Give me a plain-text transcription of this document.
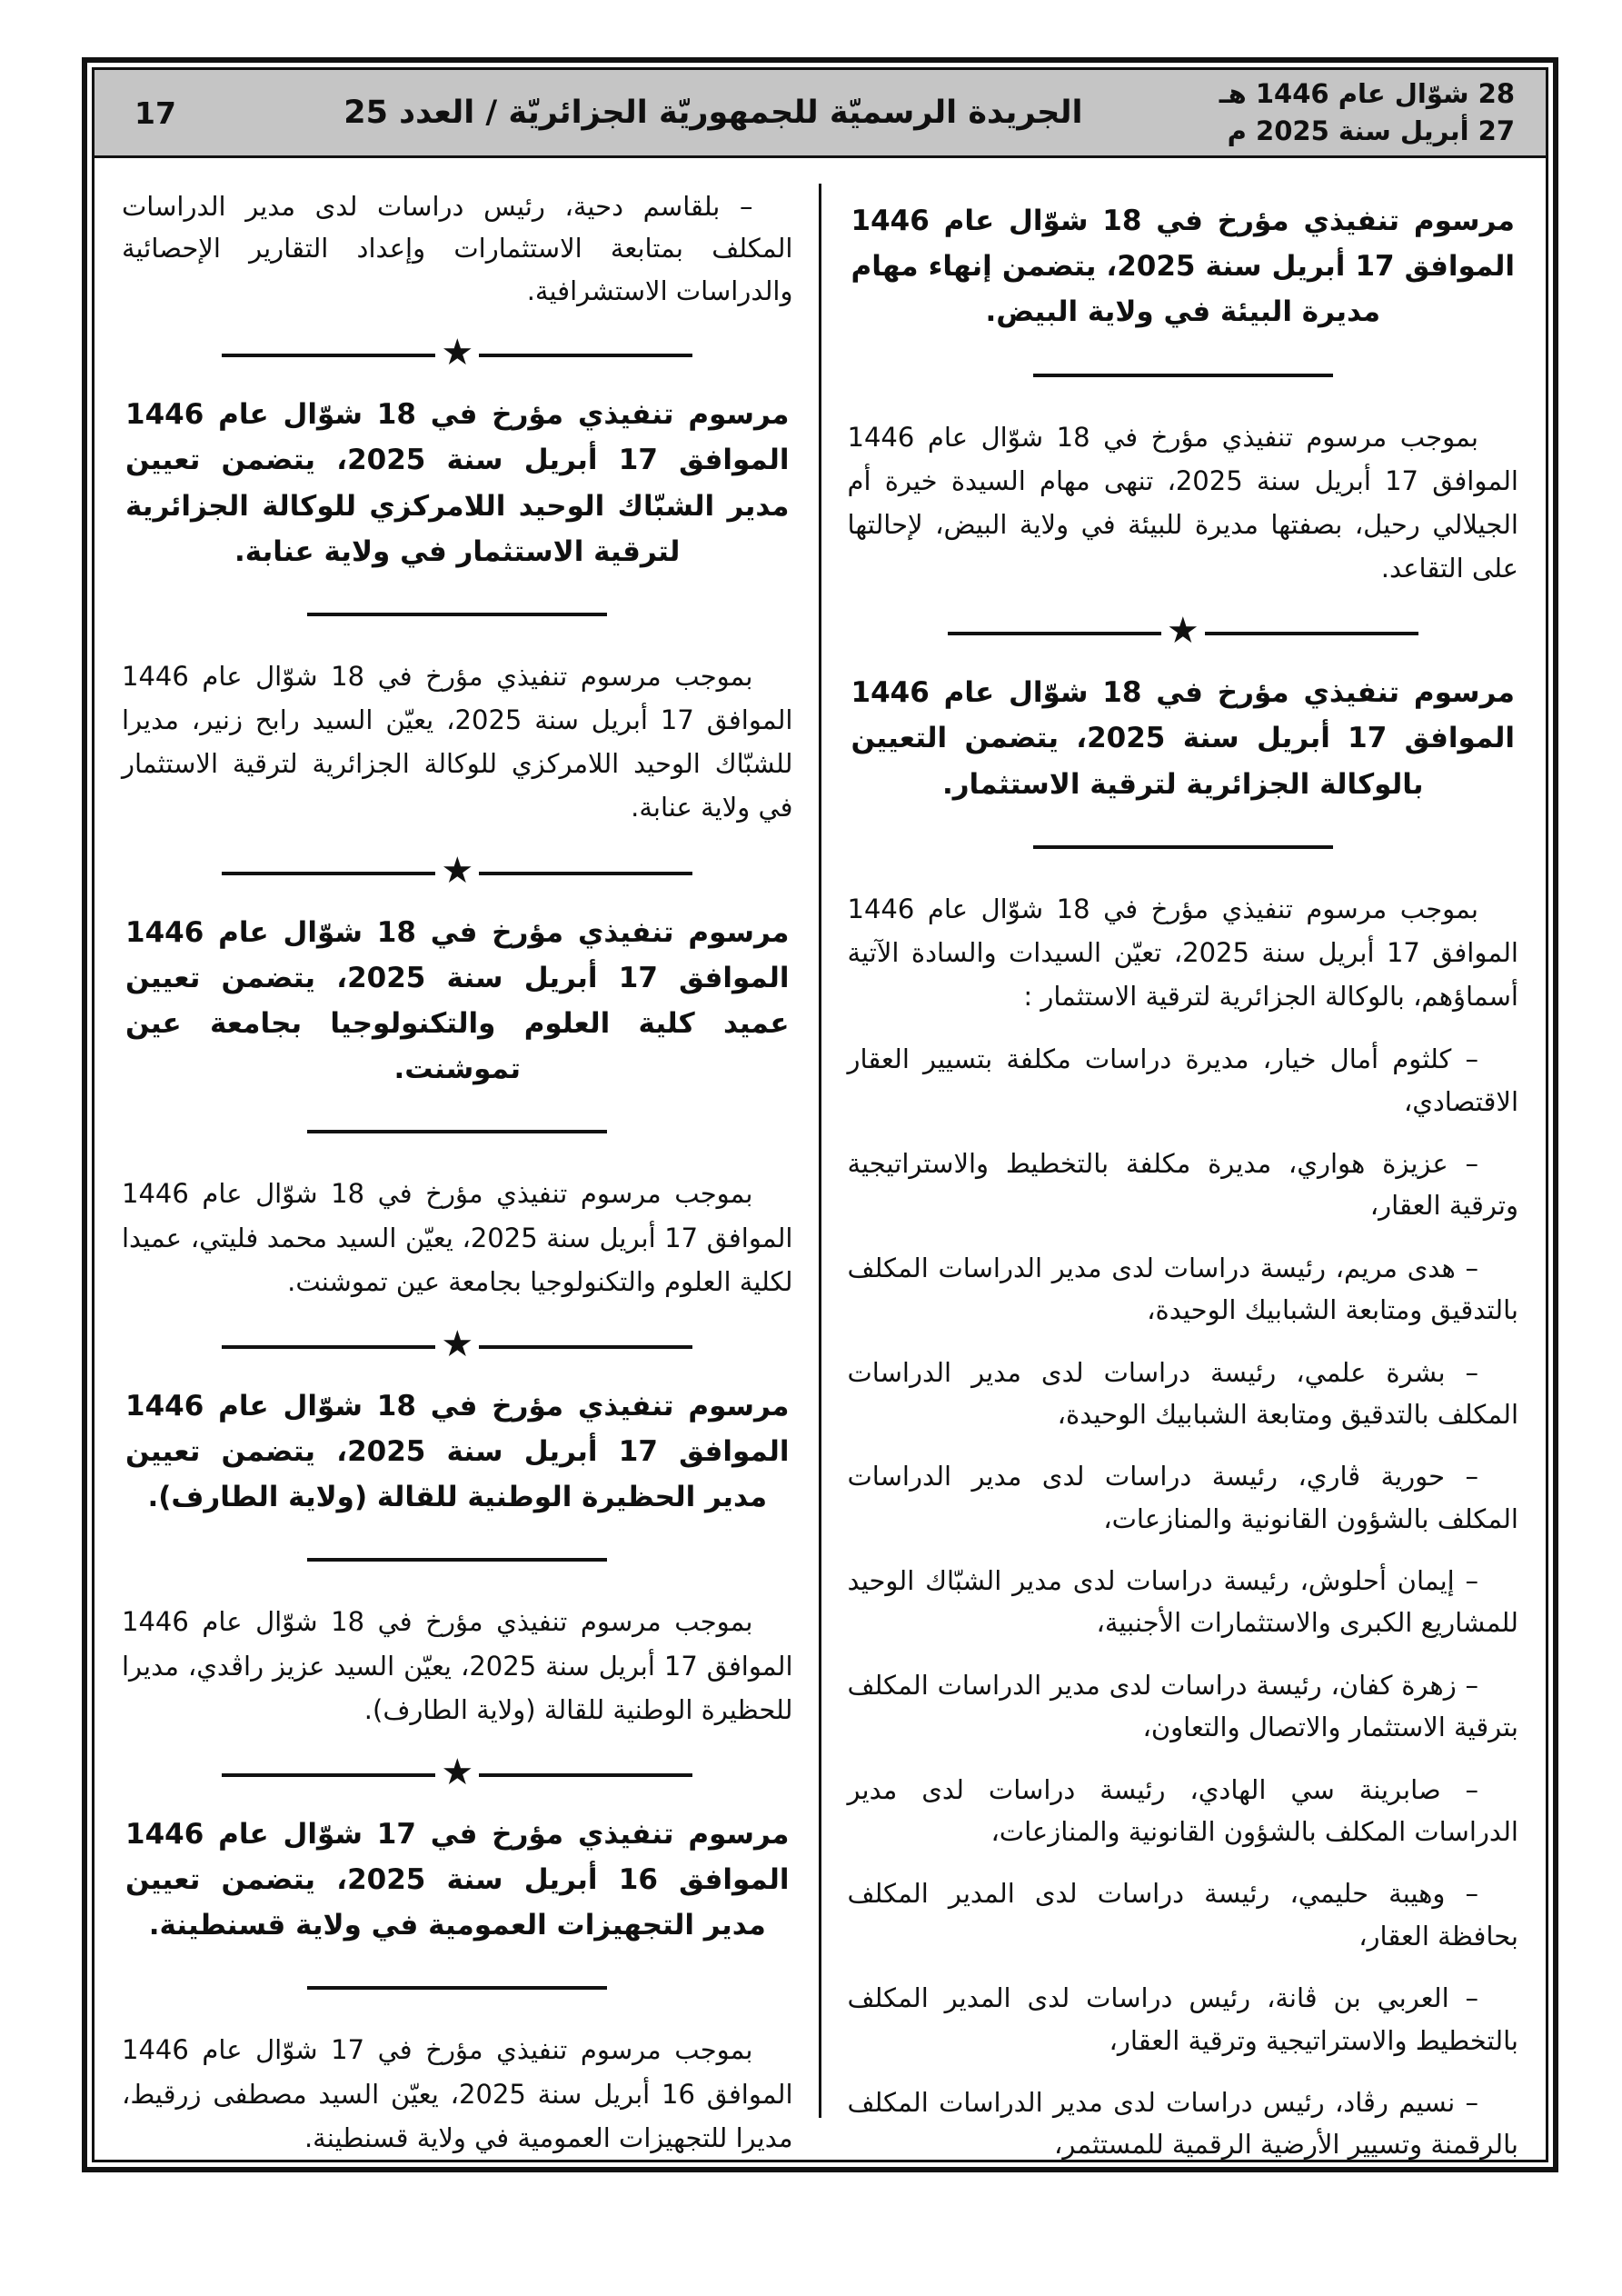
28 شوّال عام 1446 هـ
27 أبريل سنة 2025 م
الجريدة الرسميّة للجمهوريّة الجزائريّة / العدد 25
17
مرسوم تنفيذي مؤرخ في 18 شوّال عام 1446 الموافق 17 أبريل سنة 2025، يتضمن إنهاء مهام مديرة البيئة في ولاية البيض.

بموجب مرسوم تنفيذي مؤرخ في 18 شوّال عام 1446 الموافق 17 أبريل سنة 2025، تنهى مهام السيدة خيرة أم الجيلالي رحيل، بصفتها مديرة للبيئة في ولاية البيض، لإحالتها على التقاعد.

★
مرسوم تنفيذي مؤرخ في 18 شوّال عام 1446 الموافق 17 أبريل سنة 2025، يتضمن التعيين بالوكالة الجزائرية لترقية الاستثمار.

بموجب مرسوم تنفيذي مؤرخ في 18 شوّال عام 1446 الموافق 17 أبريل سنة 2025، تعيّن السيدات والسادة الآتية أسماؤهم، بالوكالة الجزائرية لترقية الاستثمار :

– كلثوم أمال خيار، مديرة دراسات مكلفة بتسيير العقار الاقتصادي،

– عزيزة هواري، مديرة مكلفة بالتخطيط والاستراتيجية وترقية العقار،

– هدى مريم، رئيسة دراسات لدى مدير الدراسات المكلف بالتدقيق ومتابعة الشبابيك الوحيدة،

– بشرة علمي، رئيسة دراسات لدى مدير الدراسات المكلف بالتدقيق ومتابعة الشبابيك الوحيدة،

– حورية ڤاري، رئيسة دراسات لدى مدير الدراسات المكلف بالشؤون القانونية والمنازعات،

– إيمان أحلوش، رئيسة دراسات لدى مدير الشبّاك الوحيد للمشاريع الكبرى والاستثمارات الأجنبية،

– زهرة كفان، رئيسة دراسات لدى مدير الدراسات المكلف بترقية الاستثمار والاتصال والتعاون،

– صابرينة سي الهادي، رئيسة دراسات لدى مدير الدراسات المكلف بالشؤون القانونية والمنازعات،

– وهيبة حليمي، رئيسة دراسات لدى المدير المكلف بحافظة العقار،

– العربي بن ڤانة، رئيس دراسات لدى المدير المكلف بالتخطيط والاستراتيجية وترقية العقار،

– نسيم رڤاد، رئيس دراسات لدى مدير الدراسات المكلف بالرقمنة وتسيير الأرضية الرقمية للمستثمر،

– بلقاسم دحية، رئيس دراسات لدى مدير الدراسات المكلف بمتابعة الاستثمارات وإعداد التقارير الإحصائية والدراسات الاستشرافية.

★
مرسوم تنفيذي مؤرخ في 18 شوّال عام 1446 الموافق 17 أبريل سنة 2025، يتضمن تعيين مدير الشبّاك الوحيد اللامركزي للوكالة الجزائرية لترقية الاستثمار في ولاية عنابة.

بموجب مرسوم تنفيذي مؤرخ في 18 شوّال عام 1446 الموافق 17 أبريل سنة 2025، يعيّن السيد رابح زنير، مديرا للشبّاك الوحيد اللامركزي للوكالة الجزائرية لترقية الاستثمار في ولاية عنابة.

★
مرسوم تنفيذي مؤرخ في 18 شوّال عام 1446 الموافق 17 أبريل سنة 2025، يتضمن تعيين عميد كلية العلوم والتكنولوجيا بجامعة عين تموشنت.

بموجب مرسوم تنفيذي مؤرخ في 18 شوّال عام 1446 الموافق 17 أبريل سنة 2025، يعيّن السيد محمد فليتي، عميدا لكلية العلوم والتكنولوجيا بجامعة عين تموشنت.

★
مرسوم تنفيذي مؤرخ في 18 شوّال عام 1446 الموافق 17 أبريل سنة 2025، يتضمن تعيين مدير الحظيرة الوطنية للقالة (ولاية الطارف).

بموجب مرسوم تنفيذي مؤرخ في 18 شوّال عام 1446 الموافق 17 أبريل سنة 2025، يعيّن السيد عزيز راڤدي، مديرا للحظيرة الوطنية للقالة (ولاية الطارف).

★
مرسوم تنفيذي مؤرخ في 17 شوّال عام 1446 الموافق 16 أبريل سنة 2025، يتضمن تعيين مدير التجهيزات العمومية في ولاية قسنطينة.

بموجب مرسوم تنفيذي مؤرخ في 17 شوّال عام 1446 الموافق 16 أبريل سنة 2025، يعيّن السيد مصطفى زرقيط، مديرا للتجهيزات العمومية في ولاية قسنطينة.
